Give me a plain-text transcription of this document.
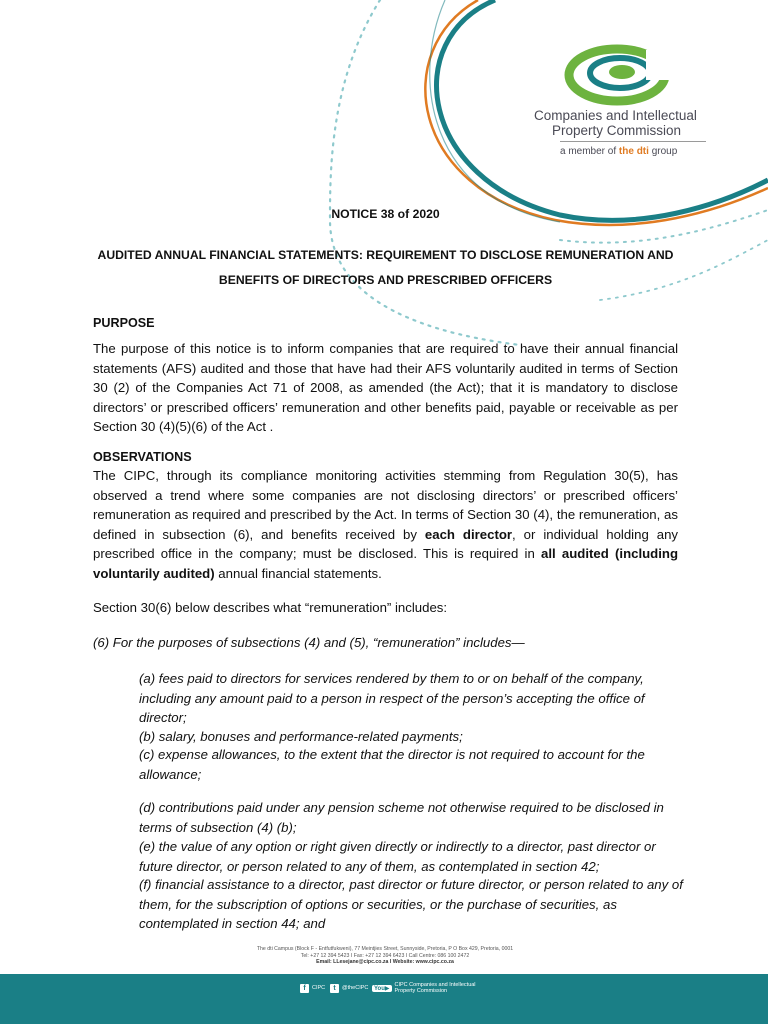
Companies and Intellectual
Property Commission
a member of the dti group
NOTICE 38 of 2020
AUDITED ANNUAL FINANCIAL STATEMENTS: REQUIREMENT TO DISCLOSE REMUNERATION AND
BENEFITS OF DIRECTORS AND PRESCRIBED OFFICERS
PURPOSE
The purpose of this notice is to inform companies that are required to have their annual financial statements (AFS) audited and those that have had their AFS voluntarily audited in terms of Section 30 (2) of the Companies Act 71 of 2008, as amended (the Act); that it is mandatory to disclose directors’ or prescribed officers’ remuneration and other benefits paid, payable or receivable as per Section 30 (4)(5)(6) of the Act .
OBSERVATIONS
The CIPC, through its compliance monitoring activities stemming from Regulation 30(5), has observed a trend where some companies are not disclosing directors’ or prescribed officers’ remuneration as required and prescribed by the Act. In terms of Section 30 (4), the remuneration, as defined in subsection (6), and benefits received by each director, or individual holding any prescribed office in the company; must be disclosed. This is required in all audited (including voluntarily audited) annual financial statements.
Section 30(6) below describes what “remuneration” includes:
(6) For the purposes of subsections (4) and (5), “remuneration” includes—
(a) fees paid to directors for services rendered by them to or on behalf of the company, including any amount paid to a person in respect of the person’s accepting the office of director;
(b) salary, bonuses and performance-related payments;
(c) expense allowances, to the extent that the director is not required to account for the allowance;
(d) contributions paid under any pension scheme not otherwise required to be disclosed in terms of subsection (4) (b);
(e) the value of any option or right given directly or indirectly to a director, past director or future director, or person related to any of them, as contemplated in section 42;
(f) financial assistance to a director, past director or future director, or person related to any of them, for the subscription of options or securities, or the purchase of securities, as contemplated in section 44; and
The dti Campus (Block F - Entfutfukweni), 77 Meintjies Street, Sunnyside, Pretoria, P O Box 429, Pretoria, 0001
Tel: +27 12 394 5423 I Fax: +27 12 394 6423 I Call Centre: 086 100 2472
Email: LLesejane@cipc.co.za I Website: www.cipc.co.za
f	CIPC	t	@theCIPC You▶
CIPC Companies and Intellectual
Property Commission
